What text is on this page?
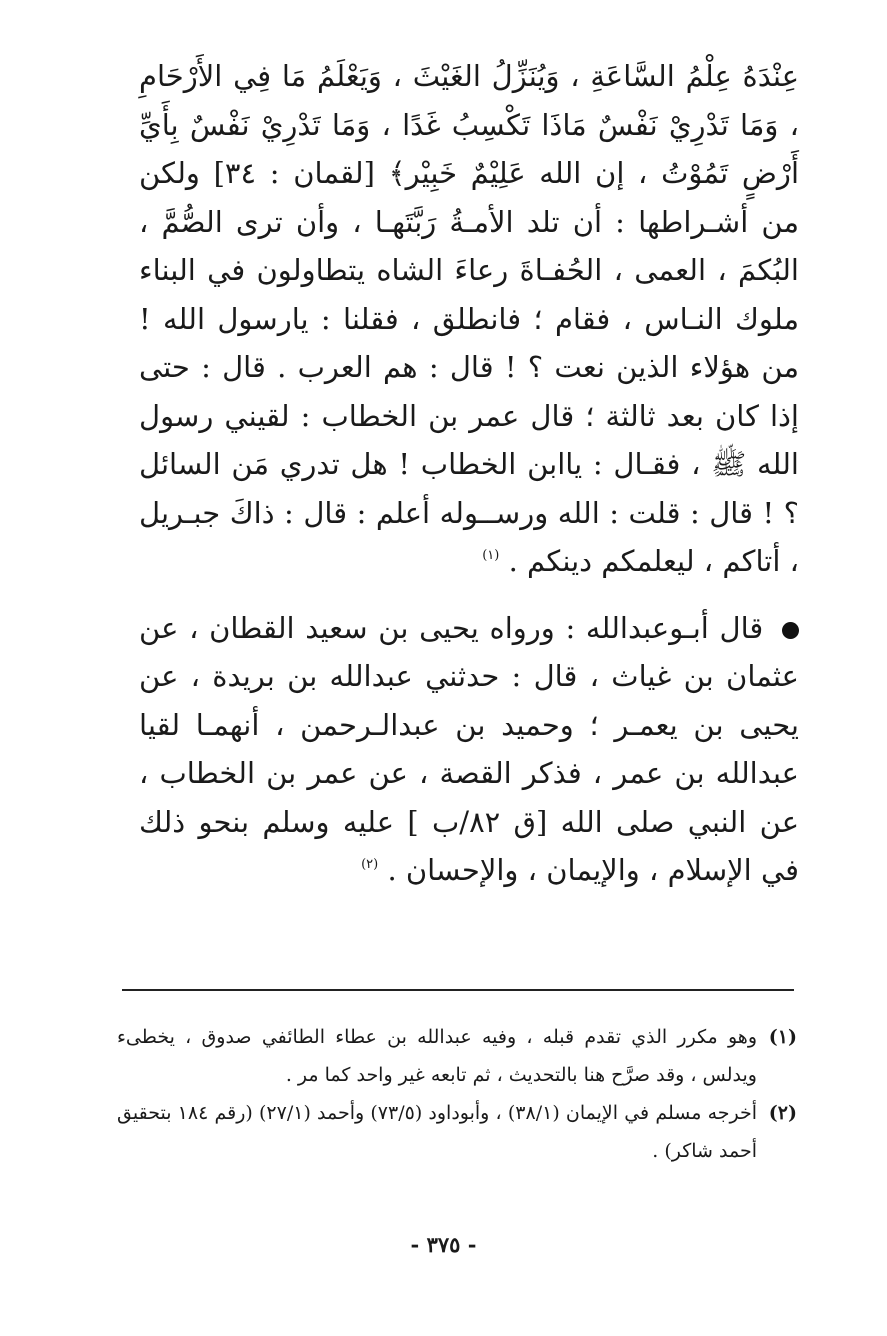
عِنْدَهُ عِلْمُ السَّاعَةِ ، وَيُنَزِّلُ الغَيْثَ ، وَيَعْلَمُ مَا فِي الأَرْحَامِ ، وَمَا تَدْرِيْ نَفْسٌ مَاذَا تَكْسِبُ غَدًا ، وَمَا تَدْرِيْ نَفْسٌ بِأَيِّ أَرْضٍ تَمُوْتُ ، إن الله عَلِيْمٌ خَبِيْر﴾ [لقمان : ٣٤] ولكن من أشـراطها : أن تلد الأمـةُ رَبَّتَهـا ، وأن ترى الصُّمَّ ، البُكمَ ، العمى ، الحُفـاةَ رعاءَ الشاه يتطاولون في البناء ملوك النـاس ، فقام ؛ فانطلق ، فقلنا : يارسول الله ! من هؤلاء الذين نعت ؟ ! قال : هم العرب . قال : حتى إذا كان بعد ثالثة ؛ قال عمر بن الخطاب : لقيني رسول الله ﷺ ، فقـال : ياابن الخطاب ! هل تدري مَن السائل ؟ ! قال : قلت : الله ورســوله أعلم : قال : ذاكَ جبـريل ، أتاكم ، ليعلمكم دينكم . $^{(١)}$

قال أبـوعبدالله : ورواه يحيى بن سعيد القطان ، عن عثمان بن غياث ، قال : حدثني عبدالله بن بريدة ، عن يحيى بن يعمـر ؛ وحميد بن عبدالـرحمن ، أنهمـا لقيا عبدالله بن عمر ، فذكر القصة ، عن عمر بن الخطاب ، عن النبي صلى الله [ق ٨٢/ب ] عليه وسلم بنحو ذلك في الإسلام ، والإيمان ، والإحسان . $^{(٢)}$

(١)
وهو مكرر الذي تقدم قبله ، وفيه عبدالله بن عطاء الطائفي صدوق ، يخطىء ويدلس ، وقد صرَّح هنا بالتحديث ، ثم تابعه غير واحد كما مر .
(٢)
أخرجه مسلم في الإيمان (٣٨/١) ، وأبوداود (٧٣/٥) وأحمد (٢٧/١) (رقم ١٨٤ بتحقيق أحمد شاكر) .
- ٣٧٥ -
